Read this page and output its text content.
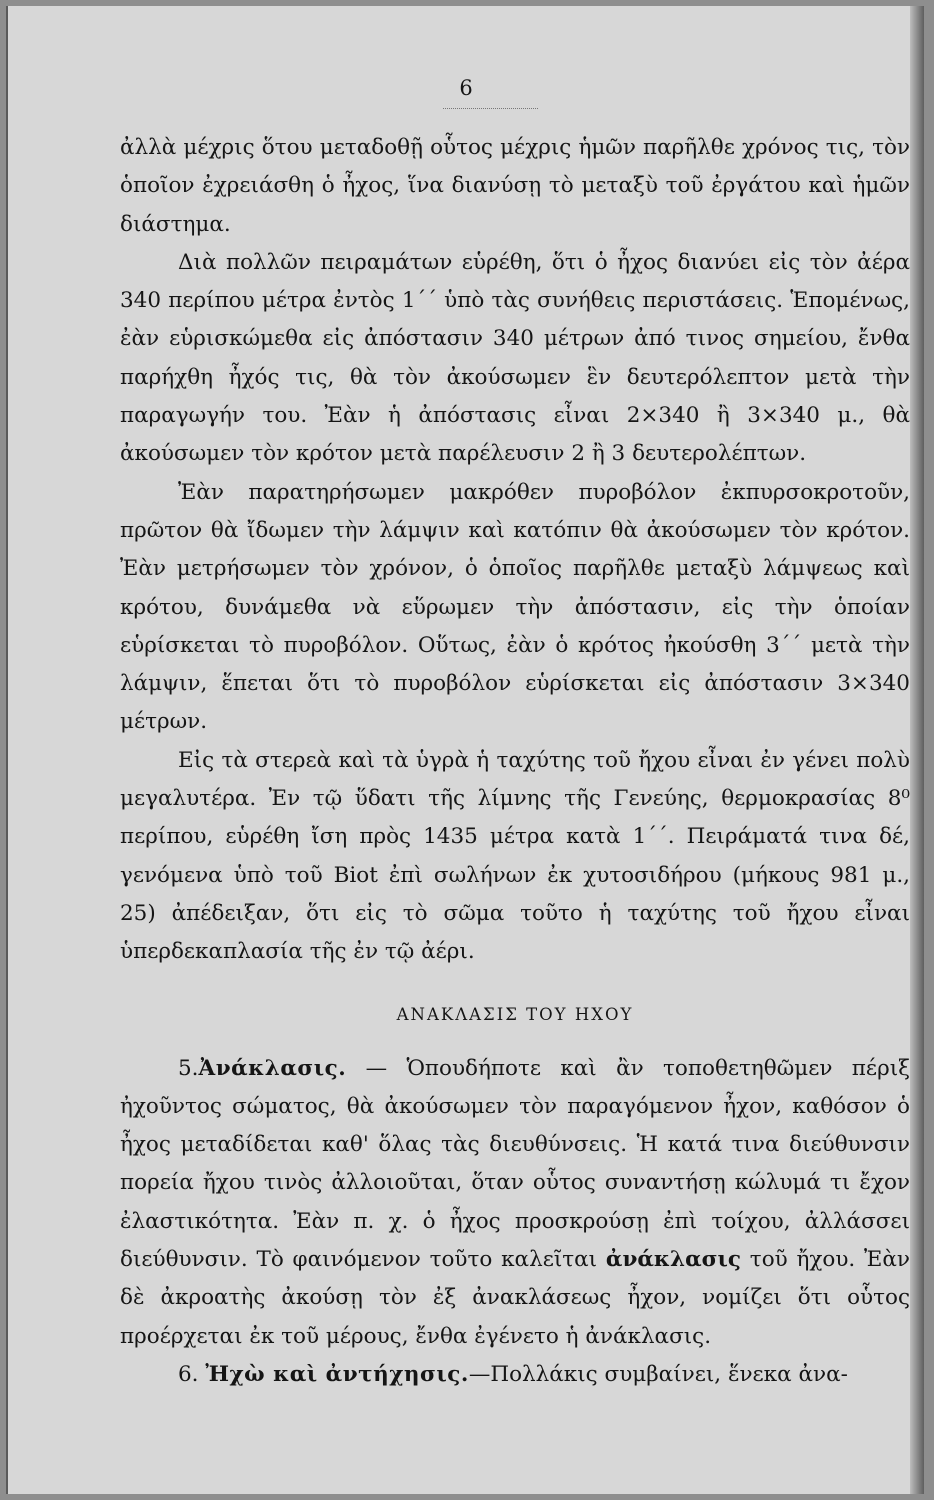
6

ἀλλὰ μέχρις ὅτου μεταδοθῇ οὗτος μέχρις ἡμῶν παρῆλθε χρόνος τις, τὸν ὁποῖον ἐχρειάσθη ὁ ἦχος, ἵνα διανύσῃ τὸ μεταξὺ τοῦ ἐργάτου καὶ ἡμῶν διάστημα.

Διὰ πολλῶν πειραμάτων εὑρέθη, ὅτι ὁ ἦχος διανύει εἰς τὸν ἀέρα 340 περίπου μέτρα ἐντὸς 1΄΄ ὑπὸ τὰς συνήθεις περιστάσεις. Ἑπομένως, ἐὰν εὑρισκώμεθα εἰς ἀπόστασιν 340 μέτρων ἀπό τινος σημείου, ἔνθα παρήχθη ἦχός τις, θὰ τὸν ἀκούσωμεν ἓν δευτερόλεπτον μετὰ τὴν παραγωγήν του. Ἐὰν ἡ ἀπόστασις εἶναι 2×340 ἢ 3×340 μ., θὰ ἀκούσωμεν τὸν κρότον μετὰ παρέλευσιν 2 ἢ 3 δευτερολέπτων.

Ἐὰν παρατηρήσωμεν μακρόθεν πυροβόλον ἐκπυρσοκροτοῦν, πρῶτον θὰ ἴδωμεν τὴν λάμψιν καὶ κατόπιν θὰ ἀκούσωμεν τὸν κρότον. Ἐὰν μετρήσωμεν τὸν χρόνον, ὁ ὁποῖος παρῆλθε μεταξὺ λάμψεως καὶ κρότου, δυνάμεθα νὰ εὕρωμεν τὴν ἀπόστασιν, εἰς τὴν ὁποίαν εὑρίσκεται τὸ πυροβόλον. Οὕτως, ἐὰν ὁ κρότος ἠκούσθη 3΄΄ μετὰ τὴν λάμψιν, ἕπεται ὅτι τὸ πυροβόλον εὑρίσκεται εἰς ἀπόστασιν 3×340 μέτρων.

Εἰς τὰ στερεὰ καὶ τὰ ὑγρὰ ἡ ταχύτης τοῦ ἤχου εἶναι ἐν γένει πολὺ μεγαλυτέρα. Ἐν τῷ ὕδατι τῆς λίμνης τῆς Γενεύης, θερμοκρασίας 8⁰ περίπου, εὑρέθη ἴση πρὸς 1435 μέτρα κατὰ 1΄΄. Πειράματά τινα δέ, γενόμενα ὑπὸ τοῦ Biot ἐπὶ σωλήνων ἐκ χυτοσιδήρου (μήκους 981 μ., 25) ἀπέδειξαν, ὅτι εἰς τὸ σῶμα τοῦτο ἡ ταχύτης τοῦ ἤχου εἶναι ὑπερδεκαπλασία τῆς ἐν τῷ ἀέρι.

ΑΝΑΚΛΑΣΙΣ ΤΟΥ ΗΧΟΥ

5.Ἀνάκλασις. — Ὁπουδήποτε καὶ ἂν τοποθετηθῶμεν πέριξ ἠχοῦντος σώματος, θὰ ἀκούσωμεν τὸν παραγόμενον ἦχον, καθόσον ὁ ἦχος μεταδίδεται καθ' ὅλας τὰς διευθύνσεις. Ἡ κατά τινα διεύθυνσιν πορεία ἤχου τινὸς ἀλλοιοῦται, ὅταν οὗτος συναντήσῃ κώλυμά τι ἔχον ἐλαστικότητα. Ἐὰν π. χ. ὁ ἦχος προσκρούσῃ ἐπὶ τοίχου, ἀλλάσσει διεύθυνσιν. Τὸ φαινόμενον τοῦτο καλεῖται ἀνάκλασις τοῦ ἤχου. Ἐὰν δὲ ἀκροατὴς ἀκούσῃ τὸν ἐξ ἀνακλάσεως ἦχον, νομίζει ὅτι οὗτος προέρχεται ἐκ τοῦ μέρους, ἔνθα ἐγένετο ἡ ἀνάκλασις.

6. Ἠχὼ καὶ ἀντήχησις.—Πολλάκις συμβαίνει, ἕνεκα ἀνα-
